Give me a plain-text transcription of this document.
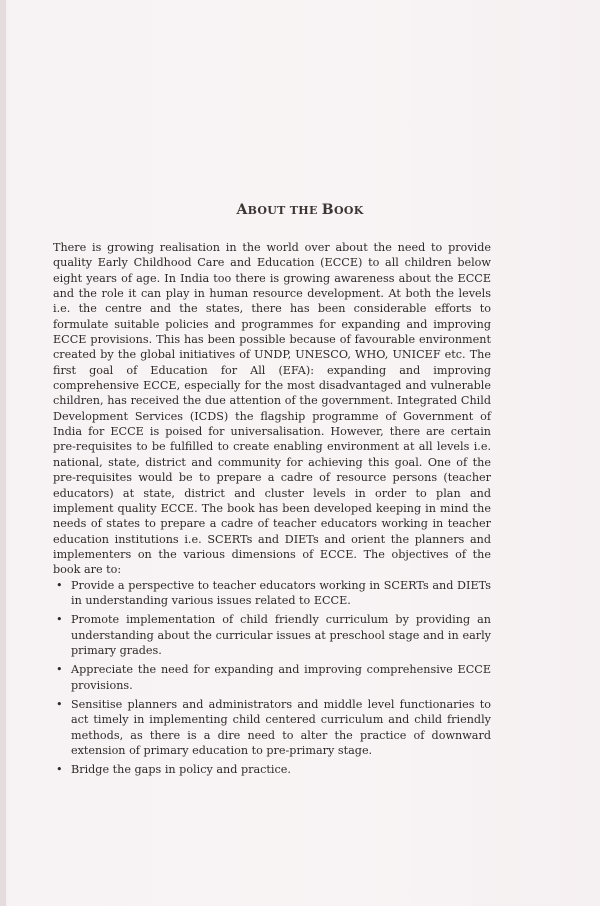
ABOUT THE BOOK

There is growing realisation in the world over about the need to provide quality Early Childhood Care and Education (ECCE) to all children below eight years of age. In India too there is growing awareness about the ECCE and the role it can play in human resource development. At both the levels i.e. the centre and the states, there has been considerable efforts to formulate suitable policies and programmes for expanding and improving ECCE provisions. This has been possible because of favourable environment created by the global initiatives of UNDP, UNESCO, WHO, UNICEF etc. The first goal of Education for All (EFA): expanding and improving comprehensive ECCE, especially for the most disadvantaged and vulnerable children, has received the due attention of the government. Integrated Child Development Services (ICDS) the flagship programme of Government of India for ECCE is poised for universalisation. However, there are certain pre-requisites to be fulfilled to create enabling environment at all levels i.e. national, state, district and community for achieving this goal. One of the pre-requisites would be to prepare a cadre of resource persons (teacher educators) at state, district and cluster levels in order to plan and implement quality ECCE. The book has been developed keeping in mind the needs of states to prepare a cadre of teacher educators working in teacher education institutions i.e. SCERTs and DIETs and orient the planners and implementers on the various dimensions of ECCE. The objectives of the book are to:

• Provide a perspective to teacher educators working in SCERTs and DIETs in understanding various issues related to ECCE.
• Promote implementation of child friendly curriculum by providing an understanding about the curricular issues at preschool stage and in early primary grades.
• Appreciate the need for expanding and improving comprehensive ECCE provisions.
• Sensitise planners and administrators and middle level functionaries to act timely in implementing child centered curriculum and child friendly methods, as there is a dire need to alter the practice of downward extension of primary education to pre-primary stage.
• Bridge the gaps in policy and practice.
